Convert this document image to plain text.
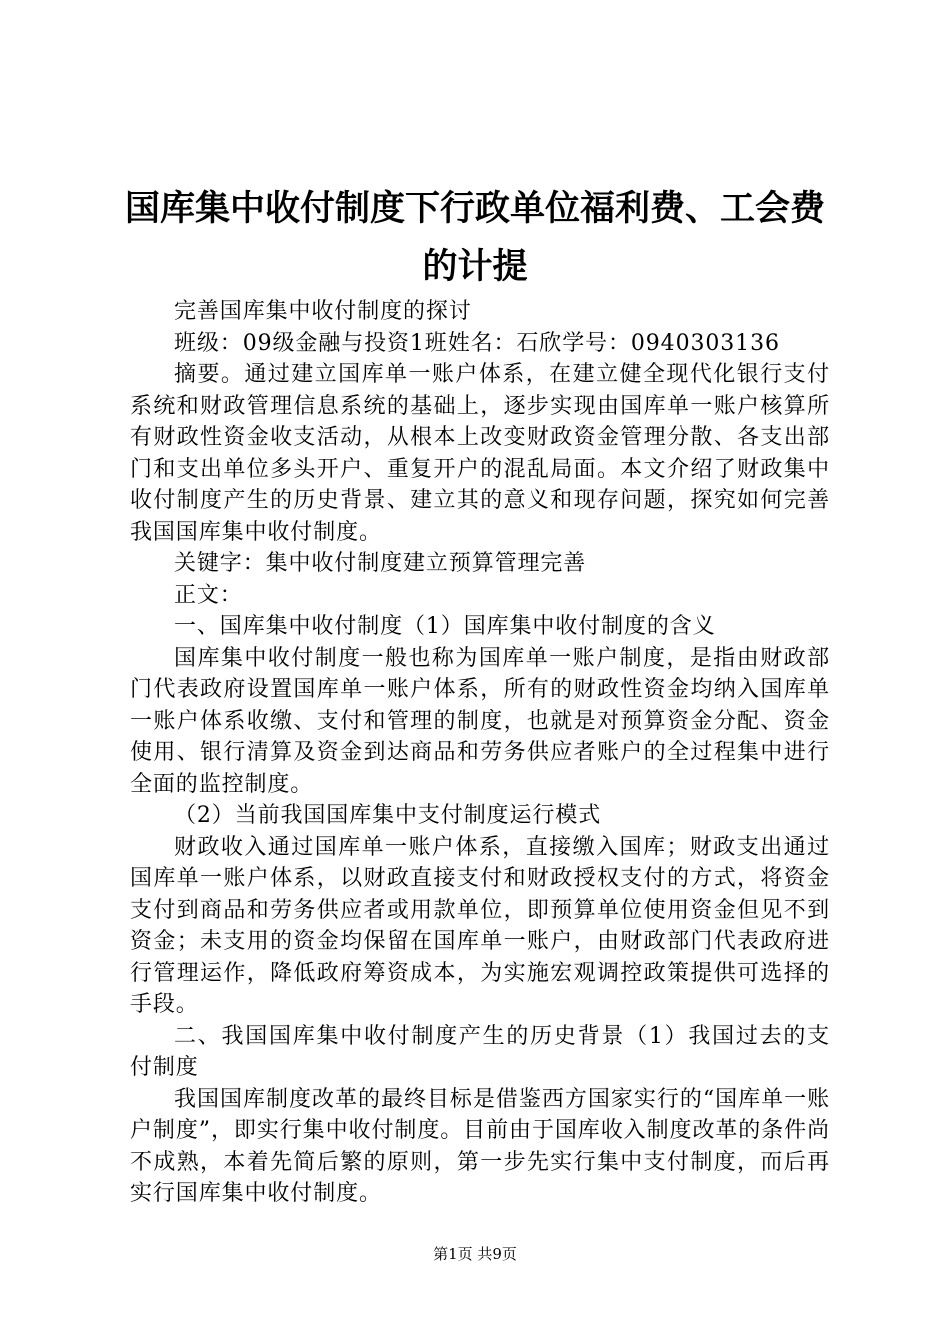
国库集中收付制度下行政单位福利费、工会费
的计提

完善国库集中收付制度的探讨

班级：09级金融与投资1班姓名：石欣学号：0940303136

摘要。通过建立国库单一账户体系，在建立健全现代化银行支付系统和财政管理信息系统的基础上，逐步实现由国库单一账户核算所有财政性资金收支活动，从根本上改变财政资金管理分散、各支出部门和支出单位多头开户、重复开户的混乱局面。本文介绍了财政集中收付制度产生的历史背景、建立其的意义和现存问题，探究如何完善我国国库集中收付制度。

关键字：集中收付制度建立预算管理完善

正文：

一、国库集中收付制度（1）国库集中收付制度的含义

国库集中收付制度一般也称为国库单一账户制度，是指由财政部门代表政府设置国库单一账户体系，所有的财政性资金均纳入国库单一账户体系收缴、支付和管理的制度，也就是对预算资金分配、资金使用、银行清算及资金到达商品和劳务供应者账户的全过程集中进行全面的监控制度。

（2）当前我国国库集中支付制度运行模式

财政收入通过国库单一账户体系，直接缴入国库；财政支出通过国库单一账户体系，以财政直接支付和财政授权支付的方式，将资金支付到商品和劳务供应者或用款单位，即预算单位使用资金但见不到资金；未支用的资金均保留在国库单一账户，由财政部门代表政府进行管理运作，降低政府筹资成本，为实施宏观调控政策提供可选择的手段。

二、我国国库集中收付制度产生的历史背景（1）我国过去的支付制度

我国国库制度改革的最终目标是借鉴西方国家实行的“国库单一账户制度”，即实行集中收付制度。目前由于国库收入制度改革的条件尚不成熟，本着先简后繁的原则，第一步先实行集中支付制度，而后再实行国库集中收付制度。

第1页 共9页
